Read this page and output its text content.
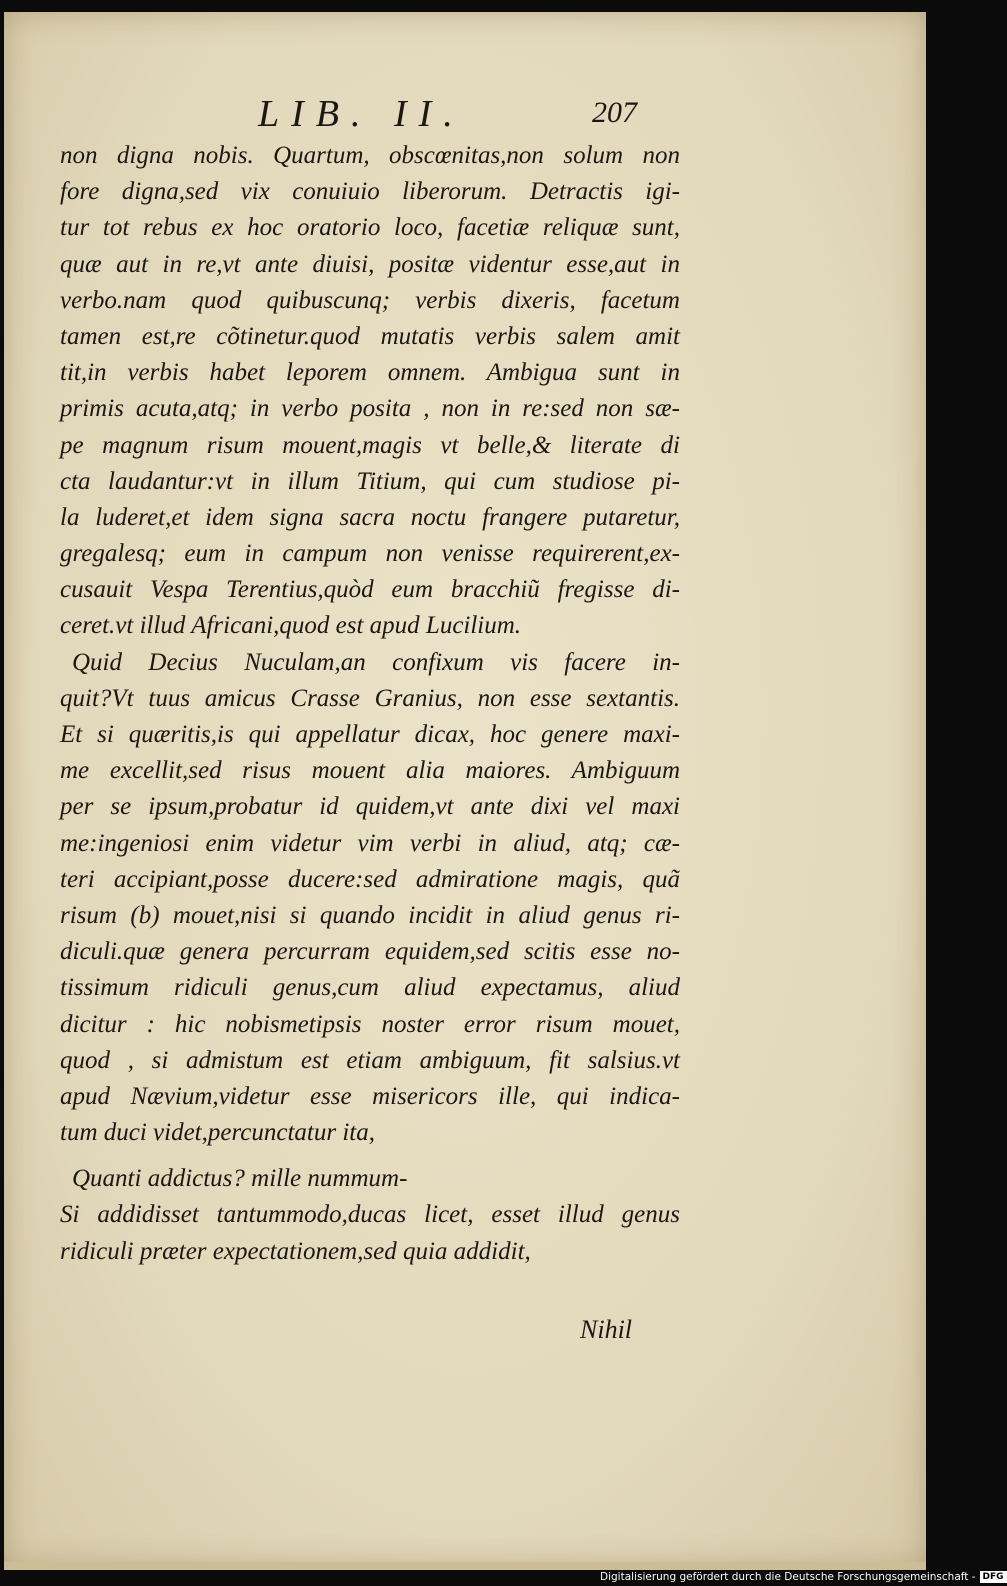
LIB. II.	207
non digna nobis. Quartum, obscœnitas,non solum non
fore digna,sed vix conuiuio liberorum. Detractis igi-
tur tot rebus ex hoc oratorio loco, facetiæ reliquæ sunt,
quæ aut in re,vt ante diuisi, positæ videntur esse,aut in
verbo.nam quod quibuscunq; verbis dixeris, facetum
tamen est,re cõtinetur.quod mutatis verbis salem amit
tit,in verbis habet leporem omnem. Ambigua sunt in
primis acuta,atq; in verbo posita , non in re:sed non sæ-
pe magnum risum mouent,magis vt belle,& literate di
cta laudantur:vt in illum Titium, qui cum studiose pi-
la luderet,et idem signa sacra noctu frangere putaretur,
gregalesq; eum in campum non venisse requirerent,ex-
cusauit Vespa Terentius,quòd eum bracchiũ fregisse di-
ceret.vt illud Africani,quod est apud Lucilium.
Quid Decius Nuculam,an confixum vis facere in-
quit?Vt tuus amicus Crasse Granius, non esse sextantis.
Et si quæritis,is qui appellatur dicax, hoc genere maxi-
me excellit,sed risus mouent alia maiores. Ambiguum
per se ipsum,probatur id quidem,vt ante dixi vel maxi
me:ingeniosi enim videtur vim verbi in aliud, atq; cæ-
teri accipiant,posse ducere:sed admiratione magis, quã
risum (b) mouet,nisi si quando incidit in aliud genus ri-
diculi.quæ genera percurram equidem,sed scitis esse no-
tissimum ridiculi genus,cum aliud expectamus, aliud
dicitur : hic nobismetipsis noster error risum mouet,
quod , si admistum est etiam ambiguum, fit salsius.vt
apud Nævium,videtur esse misericors ille, qui indica-
tum duci videt,percunctatur ita,
Quanti addictus? mille nummum-
Si addidisset tantummodo,ducas licet, esset illud genus
ridiculi præter expectationem,sed quia addidit,
Nihil
Digitalisierung gefördert durch die Deutsche Forschungsgemeinschaft - DFG
